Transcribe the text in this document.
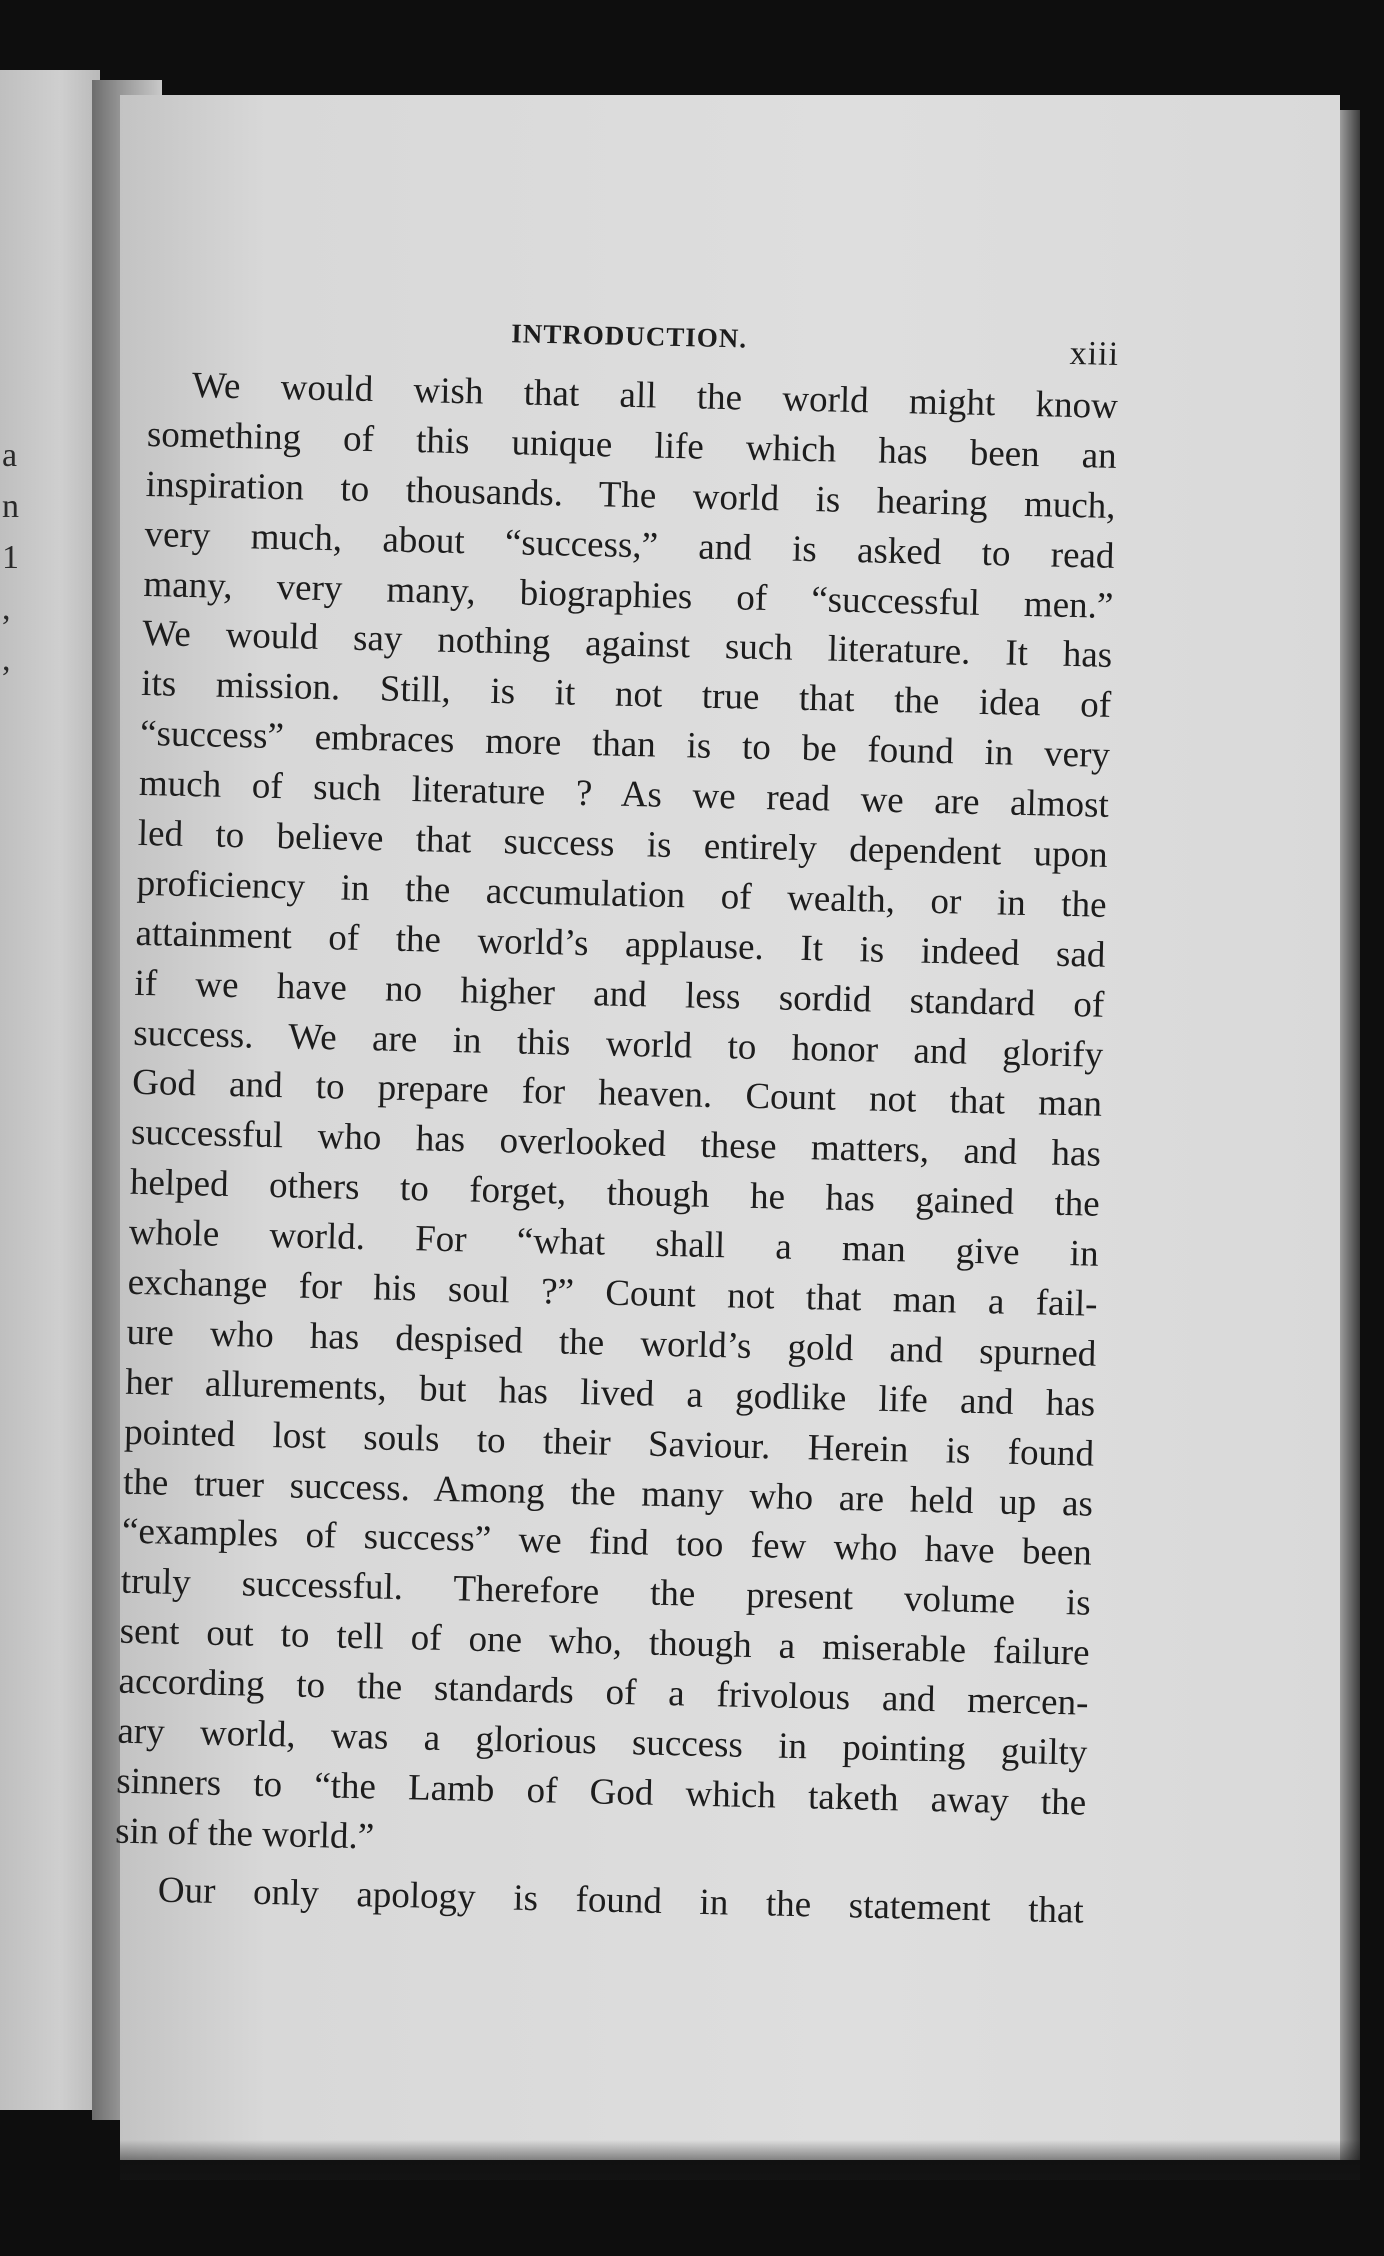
a
n
1
,
,
INTRODUCTION.	xiii
We would wish that all the world might know
something of this unique life which has been an
inspiration to thousands. The world is hearing much,
very much, about “success,” and is asked to read
many, very many, biographies of “successful men.”
We would say nothing against such literature. It has
its mission. Still, is it not true that the idea of
“success” embraces more than is to be found in very
much of such literature ? As we read we are almost
led to believe that success is entirely dependent upon
proficiency in the accumulation of wealth, or in the
attainment of the world’s applause. It is indeed sad
if we have no higher and less sordid standard of
success. We are in this world to honor and glorify
God and to prepare for heaven. Count not that man
successful who has overlooked these matters, and has
helped others to forget, though he has gained the
whole world. For “what shall a man give in
exchange for his soul ?” Count not that man a fail-
ure who has despised the world’s gold and spurned
her allurements, but has lived a godlike life and has
pointed lost souls to their Saviour. Herein is found
the truer success. Among the many who are held up as
“examples of success” we find too few who have been
truly successful. Therefore the present volume is
sent out to tell of one who, though a miserable failure
according to the standards of a frivolous and mercen-
ary world, was a glorious success in pointing guilty
sinners to “the Lamb of God which taketh away the
sin of the world.”
Our only apology is found in the statement that
